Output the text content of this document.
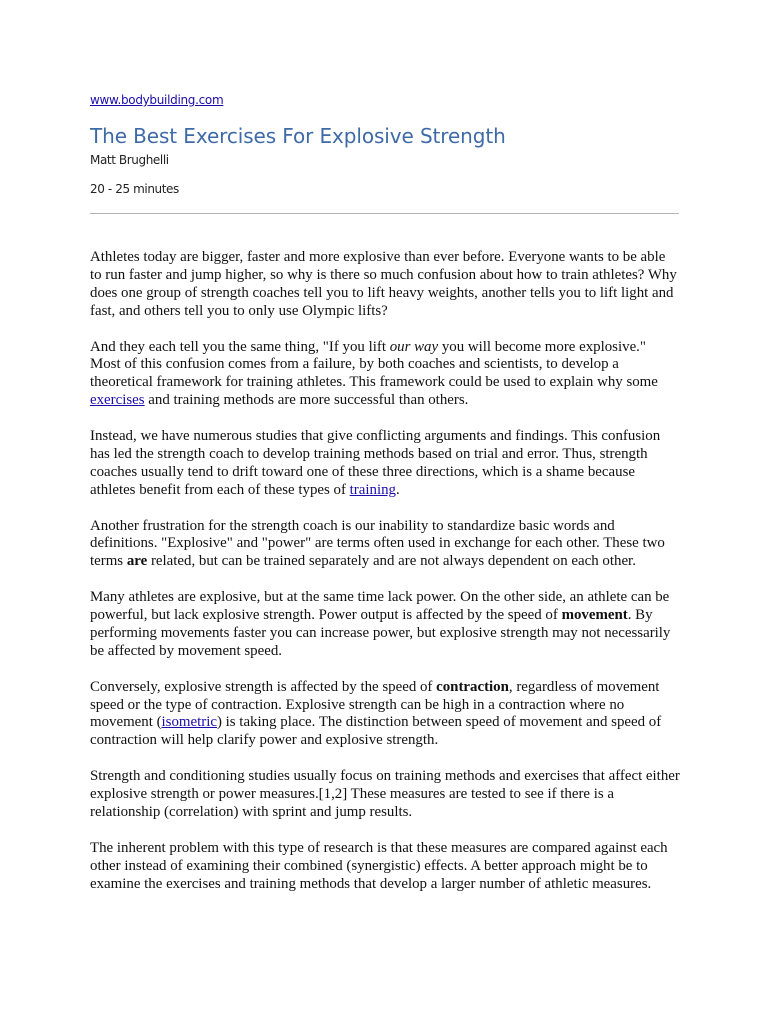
www.bodybuilding.com
The Best Exercises For Explosive Strength
Matt Brughelli
20 - 25 minutes

Athletes today are bigger, faster and more explosive than ever before. Everyone wants to be able to run faster and jump higher, so why is there so much confusion about how to train athletes? Why does one group of strength coaches tell you to lift heavy weights, another tells you to lift light and fast, and others tell you to only use Olympic lifts?

And they each tell you the same thing, "If you lift our way you will become more explosive." Most of this confusion comes from a failure, by both coaches and scientists, to develop a theoretical framework for training athletes. This framework could be used to explain why some exercises and training methods are more successful than others.

Instead, we have numerous studies that give conflicting arguments and findings. This confusion has led the strength coach to develop training methods based on trial and error. Thus, strength coaches usually tend to drift toward one of these three directions, which is a shame because athletes benefit from each of these types of training.

Another frustration for the strength coach is our inability to standardize basic words and definitions. "Explosive" and "power" are terms often used in exchange for each other. These two terms are related, but can be trained separately and are not always dependent on each other.

Many athletes are explosive, but at the same time lack power. On the other side, an athlete can be powerful, but lack explosive strength. Power output is affected by the speed of movement. By performing movements faster you can increase power, but explosive strength may not necessarily be affected by movement speed.

Conversely, explosive strength is affected by the speed of contraction, regardless of movement speed or the type of contraction. Explosive strength can be high in a contraction where no movement (isometric) is taking place. The distinction between speed of movement and speed of contraction will help clarify power and explosive strength.

Strength and conditioning studies usually focus on training methods and exercises that affect either explosive strength or power measures.[1,2] These measures are tested to see if there is a relationship (correlation) with sprint and jump results.

The inherent problem with this type of research is that these measures are compared against each other instead of examining their combined (synergistic) effects. A better approach might be to examine the exercises and training methods that develop a larger number of athletic measures.
